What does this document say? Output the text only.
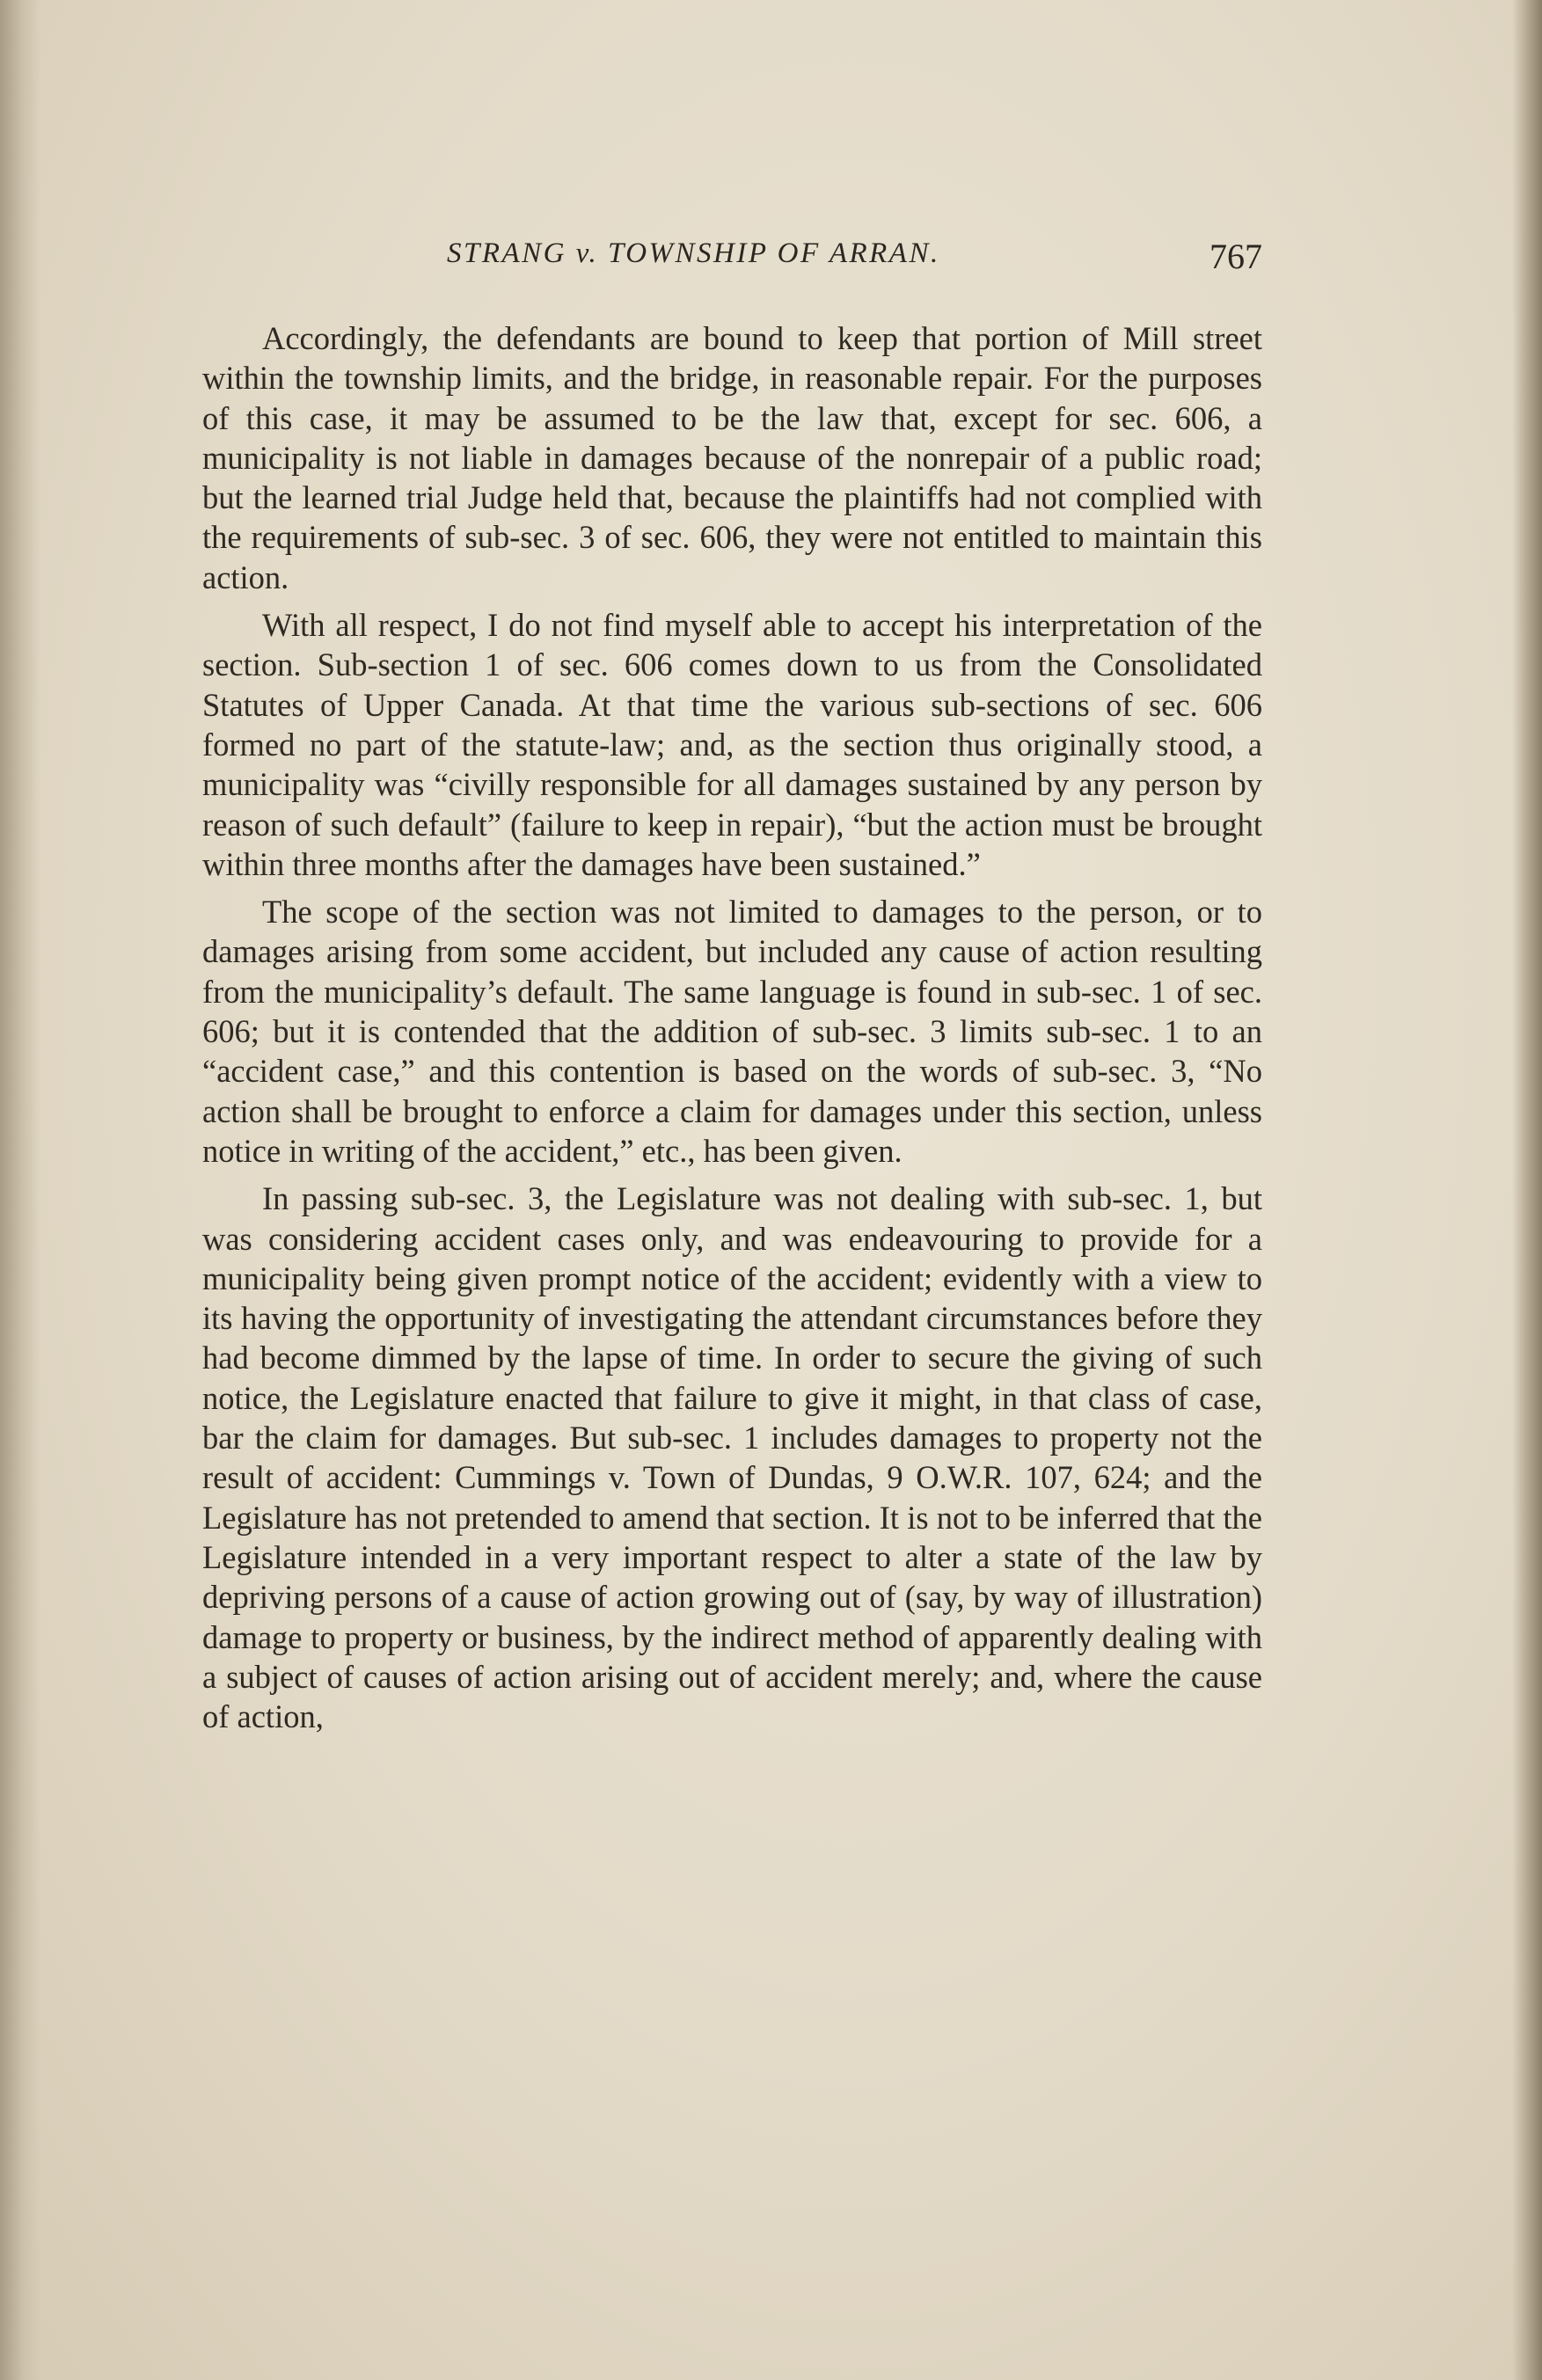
STRANG v. TOWNSHIP OF ARRAN.	767

Accordingly, the defendants are bound to keep that portion of Mill street within the township limits, and the bridge, in reasonable repair. For the purposes of this case, it may be assumed to be the law that, except for sec. 606, a municipality is not liable in damages because of the nonrepair of a public road; but the learned trial Judge held that, because the plaintiffs had not complied with the requirements of sub-sec. 3 of sec. 606, they were not entitled to maintain this action.

With all respect, I do not find myself able to accept his interpretation of the section. Sub-section 1 of sec. 606 comes down to us from the Consolidated Statutes of Upper Canada. At that time the various sub-sections of sec. 606 formed no part of the statute-law; and, as the section thus originally stood, a municipality was “civilly responsible for all damages sustained by any person by reason of such default” (failure to keep in repair), “but the action must be brought within three months after the damages have been sustained.”

The scope of the section was not limited to damages to the person, or to damages arising from some accident, but included any cause of action resulting from the municipality’s default. The same language is found in sub-sec. 1 of sec. 606; but it is contended that the addition of sub-sec. 3 limits sub-sec. 1 to an “accident case,” and this contention is based on the words of sub-sec. 3, “No action shall be brought to enforce a claim for damages under this section, unless notice in writing of the accident,” etc., has been given.

In passing sub-sec. 3, the Legislature was not dealing with sub-sec. 1, but was considering accident cases only, and was endeavouring to provide for a municipality being given prompt notice of the accident; evidently with a view to its having the opportunity of investigating the attendant circumstances before they had become dimmed by the lapse of time. In order to secure the giving of such notice, the Legislature enacted that failure to give it might, in that class of case, bar the claim for damages. But sub-sec. 1 includes damages to property not the result of accident: Cummings v. Town of Dundas, 9 O.W.R. 107, 624; and the Legislature has not pretended to amend that section. It is not to be inferred that the Legislature intended in a very important respect to alter a state of the law by depriving persons of a cause of action growing out of (say, by way of illustration) damage to property or business, by the indirect method of apparently dealing with a subject of causes of action arising out of accident merely; and, where the cause of action,
